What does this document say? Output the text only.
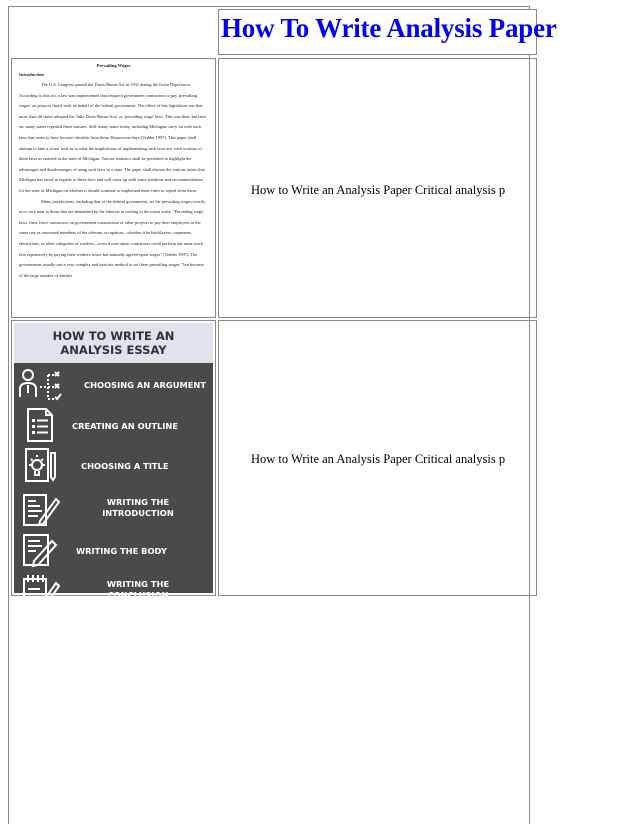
How To Write Analysis Paper
Prevailing Wages
Introduction

The U.S. Congress passed the Davis-Bacon Act in 1931 during the Great Depression. According to this act, a law was implemented that required government contractors to pay 'prevailing wages' on projects that it took on behalf of the federal government. The effect of this legislation was that more than 40 states adopted the 'little Davis-Bacon Acts' or 'prevailing wage' laws. This was then, but later on, many states repealed these statutes. Still, many states today, including Michigan, carry on with such laws that seem to have become obsolete from those Depression-days (Vedder 1997). This paper shall attempt to take a closer look as to what the implications of implementing such laws are, with scrutiny of these laws as enacted in the state of Michigan. Various statistics shall be presented to highlight the advantages and disadvantages of using such laws in a state. The paper shall discuss the various issues that Michigan has faced in regards to these laws and will come up with some solutions and recommendations for the state of Michigan on whether it should continue to implement these rules or repeal from them.

Many jurisdictions, including that of the federal government, set the prevailing wages exactly at or very near to those that are demanded by the laborers according to the union-scale. "Prevailing wage laws, then, force contractors on government construction or other projects to pay their employees at the same rate as unionized members of the relevant occupation—whether it be bricklayers, carpenters, electricians, or other categories of workers—even if non-union contractors could perform the same work less expensively by paying their workers lower but mutually agreed-upon wages" (Vedder 1997). The governments usually use a very complex and intricate method to set these prevailing wages, "but because of the large number of distinct

How to Write an Analysis Paper Critical analysis p
HOW TO WRITE AN
ANALYSIS ESSAY
CHOOSING AN ARGUMENT
CREATING AN OUTLINE
CHOOSING A TITLE
WRITING THE
INTRODUCTION
WRITING THE BODY
WRITING THE
CONCLUSION
How to Write an Analysis Paper Critical analysis p
